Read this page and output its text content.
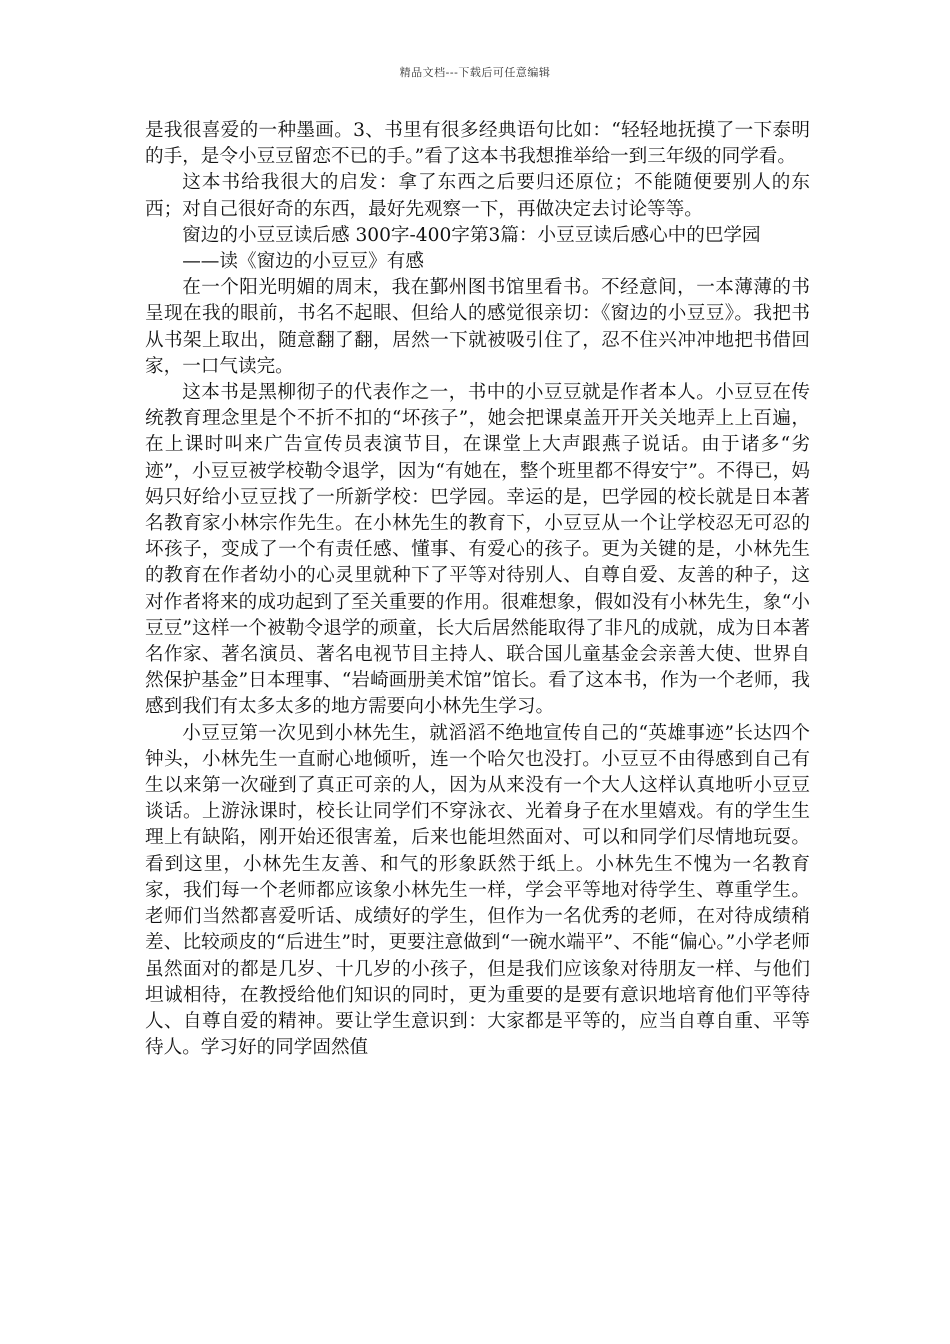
精品文档---下载后可任意编辑

是我很喜爱的一种墨画。3、书里有很多经典语句比如：“轻轻地抚摸了一下泰明的手，是令小豆豆留恋不已的手。”看了这本书我想推举给一到三年级的同学看。

这本书给我很大的启发：拿了东西之后要归还原位；不能随便要别人的东西；对自己很好奇的东西，最好先观察一下，再做决定去讨论等等。

窗边的小豆豆读后感 300字-400字第3篇：小豆豆读后感心中的巴学园

——读《窗边的小豆豆》有感

在一个阳光明媚的周末，我在鄞州图书馆里看书。不经意间，一本薄薄的书呈现在我的眼前，书名不起眼、但给人的感觉很亲切：《窗边的小豆豆》。我把书从书架上取出，随意翻了翻，居然一下就被吸引住了，忍不住兴冲冲地把书借回家，一口气读完。

这本书是黑柳彻子的代表作之一，书中的小豆豆就是作者本人。小豆豆在传统教育理念里是个不折不扣的“坏孩子”，她会把课桌盖开开关关地弄上上百遍，在上课时叫来广告宣传员表演节目，在课堂上大声跟燕子说话。由于诸多“劣迹”，小豆豆被学校勒令退学，因为“有她在，整个班里都不得安宁”。不得已，妈妈只好给小豆豆找了一所新学校：巴学园。幸运的是，巴学园的校长就是日本著名教育家小林宗作先生。在小林先生的教育下，小豆豆从一个让学校忍无可忍的坏孩子，变成了一个有责任感、懂事、有爱心的孩子。更为关键的是，小林先生的教育在作者幼小的心灵里就种下了平等对待别人、自尊自爱、友善的种子，这对作者将来的成功起到了至关重要的作用。很难想象，假如没有小林先生，象“小豆豆”这样一个被勒令退学的顽童，长大后居然能取得了非凡的成就，成为日本著名作家、著名演员、著名电视节目主持人、联合国儿童基金会亲善大使、世界自然保护基金”日本理事、“岩崎画册美术馆”馆长。看了这本书，作为一个老师，我感到我们有太多太多的地方需要向小林先生学习。

小豆豆第一次见到小林先生，就滔滔不绝地宣传自己的“英雄事迹”长达四个钟头，小林先生一直耐心地倾听，连一个哈欠也没打。小豆豆不由得感到自己有生以来第一次碰到了真正可亲的人，因为从来没有一个大人这样认真地听小豆豆谈话。上游泳课时，校长让同学们不穿泳衣、光着身子在水里嬉戏。有的学生生理上有缺陷，刚开始还很害羞，后来也能坦然面对、可以和同学们尽情地玩耍。看到这里，小林先生友善、和气的形象跃然于纸上。小林先生不愧为一名教育家，我们每一个老师都应该象小林先生一样，学会平等地对待学生、尊重学生。老师们当然都喜爱听话、成绩好的学生，但作为一名优秀的老师，在对待成绩稍差、比较顽皮的“后进生”时，更要注意做到“一碗水端平”、不能“偏心。”小学老师虽然面对的都是几岁、十几岁的小孩子，但是我们应该象对待朋友一样、与他们坦诚相待，在教授给他们知识的同时，更为重要的是要有意识地培育他们平等待人、自尊自爱的精神。要让学生意识到：大家都是平等的，应当自尊自重、平等待人。学习好的同学固然值
